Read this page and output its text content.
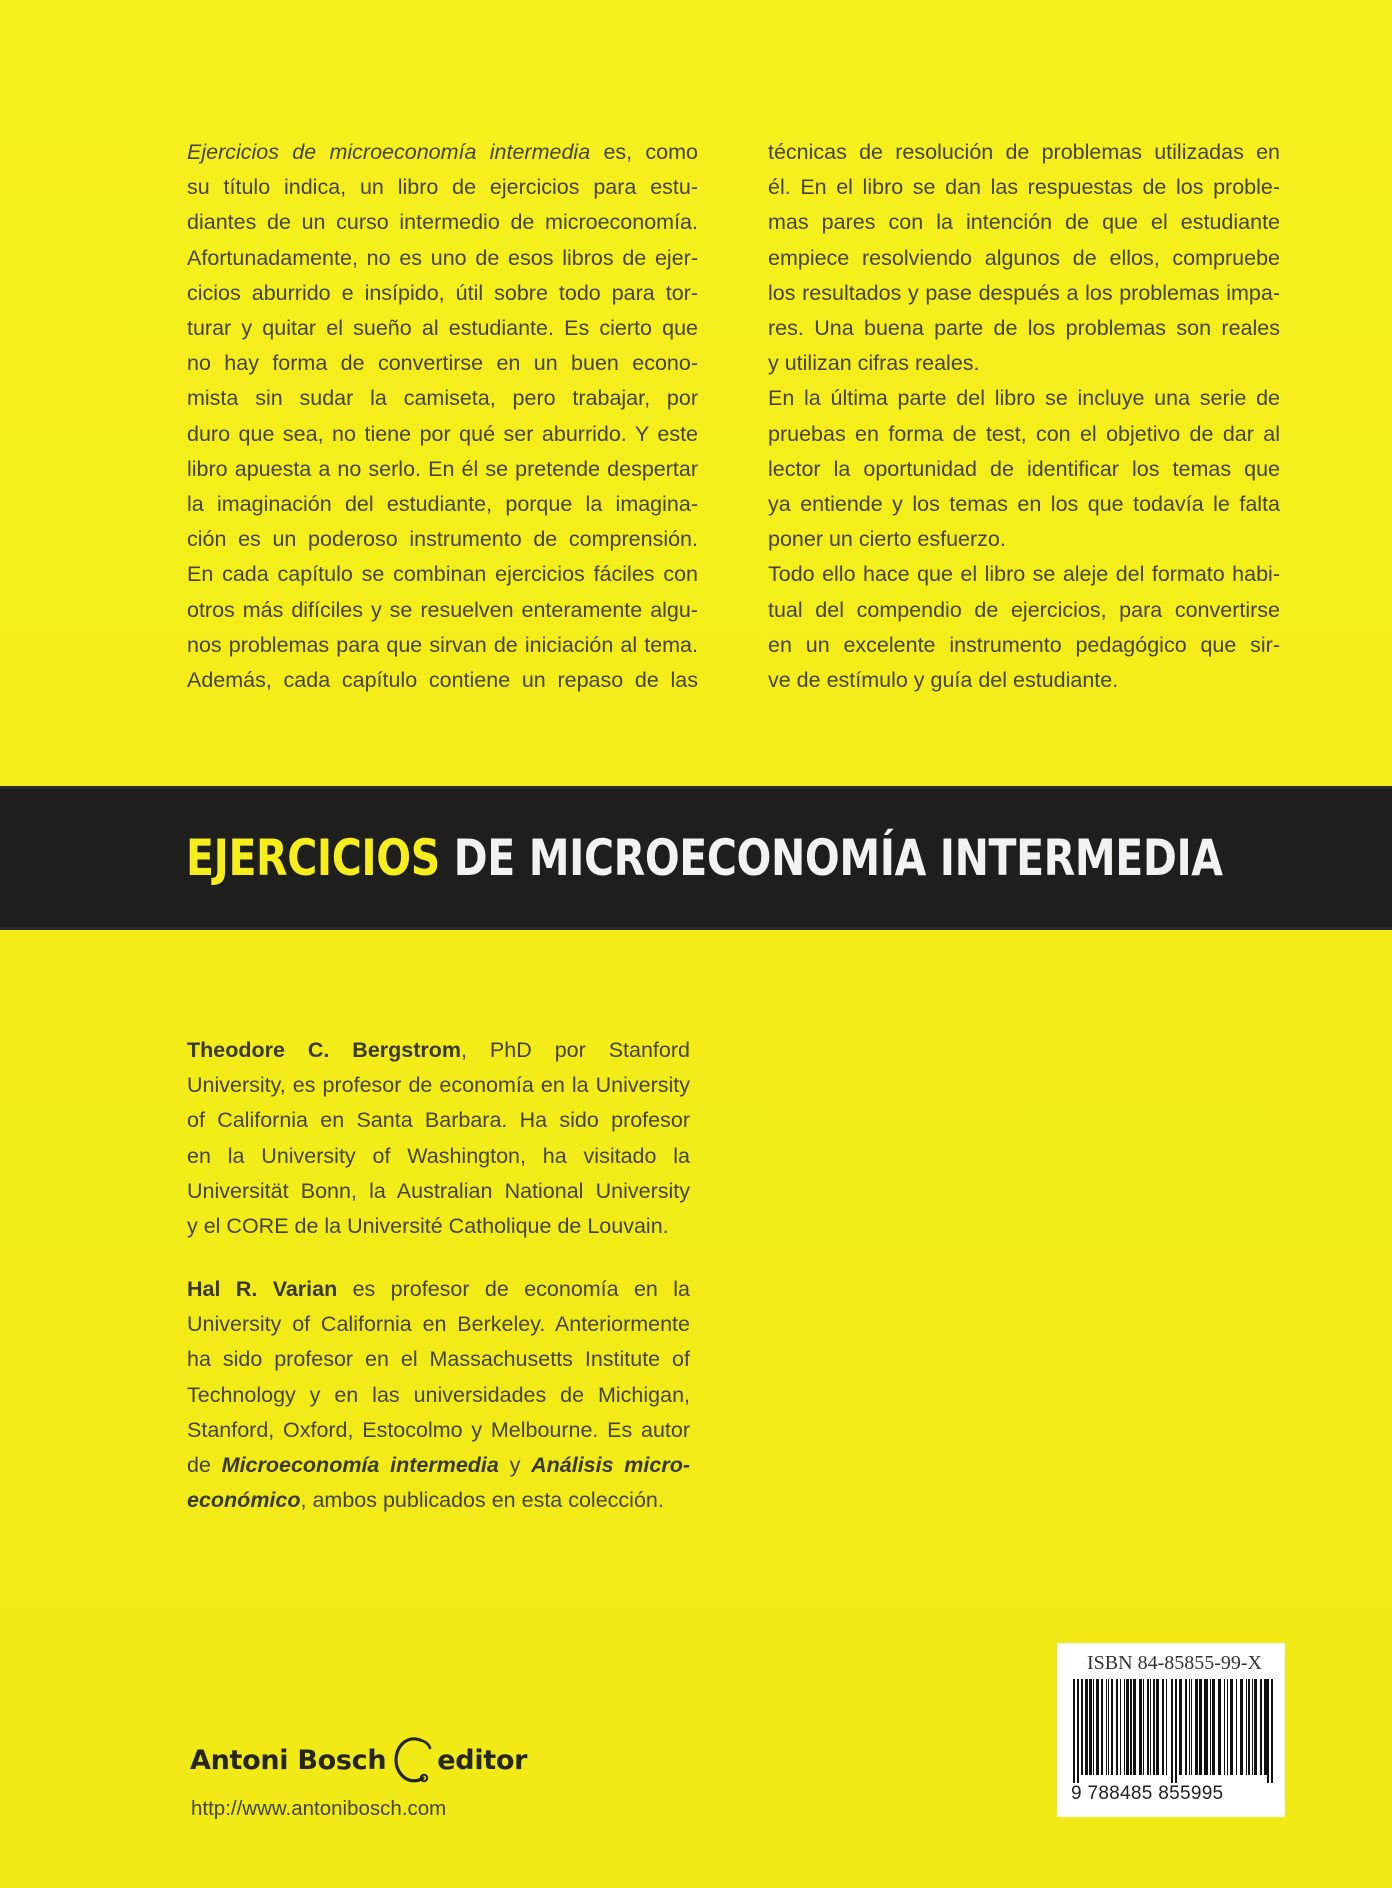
Ejercicios de microeconomía intermedia es, como
su título indica, un libro de ejercicios para estu-
diantes de un curso intermedio de microeconomía.
Afortunadamente, no es uno de esos libros de ejer-
cicios aburrido e insípido, útil sobre todo para tor-
turar y quitar el sueño al estudiante. Es cierto que
no hay forma de convertirse en un buen econo-
mista sin sudar la camiseta, pero trabajar, por
duro que sea, no tiene por qué ser aburrido. Y este
libro apuesta a no serlo. En él se pretende despertar
la imaginación del estudiante, porque la imagina-
ción es un poderoso instrumento de comprensión.
En cada capítulo se combinan ejercicios fáciles con
otros más difíciles y se resuelven enteramente algu-
nos problemas para que sirvan de iniciación al tema.
Además, cada capítulo contiene un repaso de las
técnicas de resolución de problemas utilizadas en
él. En el libro se dan las respuestas de los proble-
mas pares con la intención de que el estudiante
empiece resolviendo algunos de ellos, compruebe
los resultados y pase después a los problemas impa-
res. Una buena parte de los problemas son reales
y utilizan cifras reales.
En la última parte del libro se incluye una serie de
pruebas en forma de test, con el objetivo de dar al
lector la oportunidad de identificar los temas que
ya entiende y los temas en los que todavía le falta
poner un cierto esfuerzo.
Todo ello hace que el libro se aleje del formato habi-
tual del compendio de ejercicios, para convertirse
en un excelente instrumento pedagógico que sir-
ve de estímulo y guía del estudiante.
EJERCICIOS DE MICROECONOMÍA INTERMEDIA
Theodore C. Bergstrom, PhD por Stanford
University, es profesor de economía en la University
of California en Santa Barbara. Ha sido profesor
en la University of Washington, ha visitado la
Universität Bonn, la Australian National University
y el CORE de la Université Catholique de Louvain.
Hal R. Varian es profesor de economía en la
University of California en Berkeley. Anteriormente
ha sido profesor en el Massachusetts Institute of
Technology y en las universidades de Michigan,
Stanford, Oxford, Estocolmo y Melbourne. Es autor
de Microeconomía intermedia y Análisis micro-
económico, ambos publicados en esta colección.
Antoni Bosch editor
http://www.antonibosch.com
ISBN 84-85855-99-X
9 788485 855995
